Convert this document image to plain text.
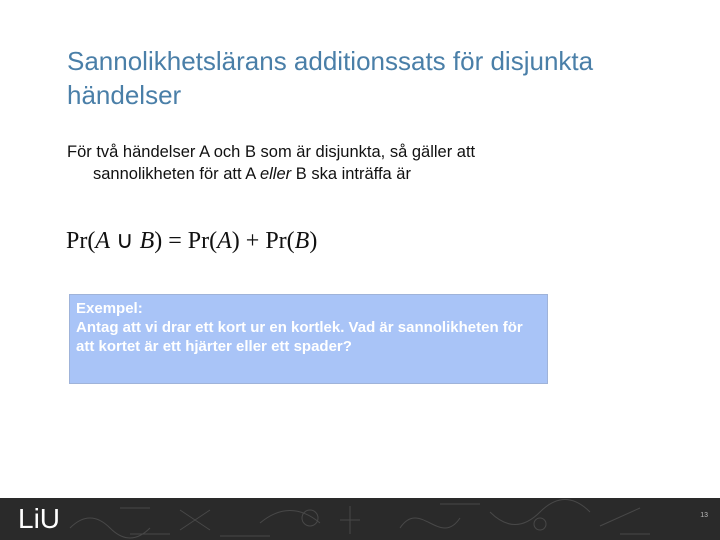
Sannolikhetslärans additionssats för disjunkta händelser
För två händelser A och B som är disjunkta, så gäller att
sannolikheten för att A eller B ska inträffa är
Pr(A ∪ B) = Pr(A) + Pr(B)
Exempel:
Antag att vi drar ett kort ur en kortlek. Vad är sannolikheten för att kortet är ett hjärter eller ett spader?
LiU	13
